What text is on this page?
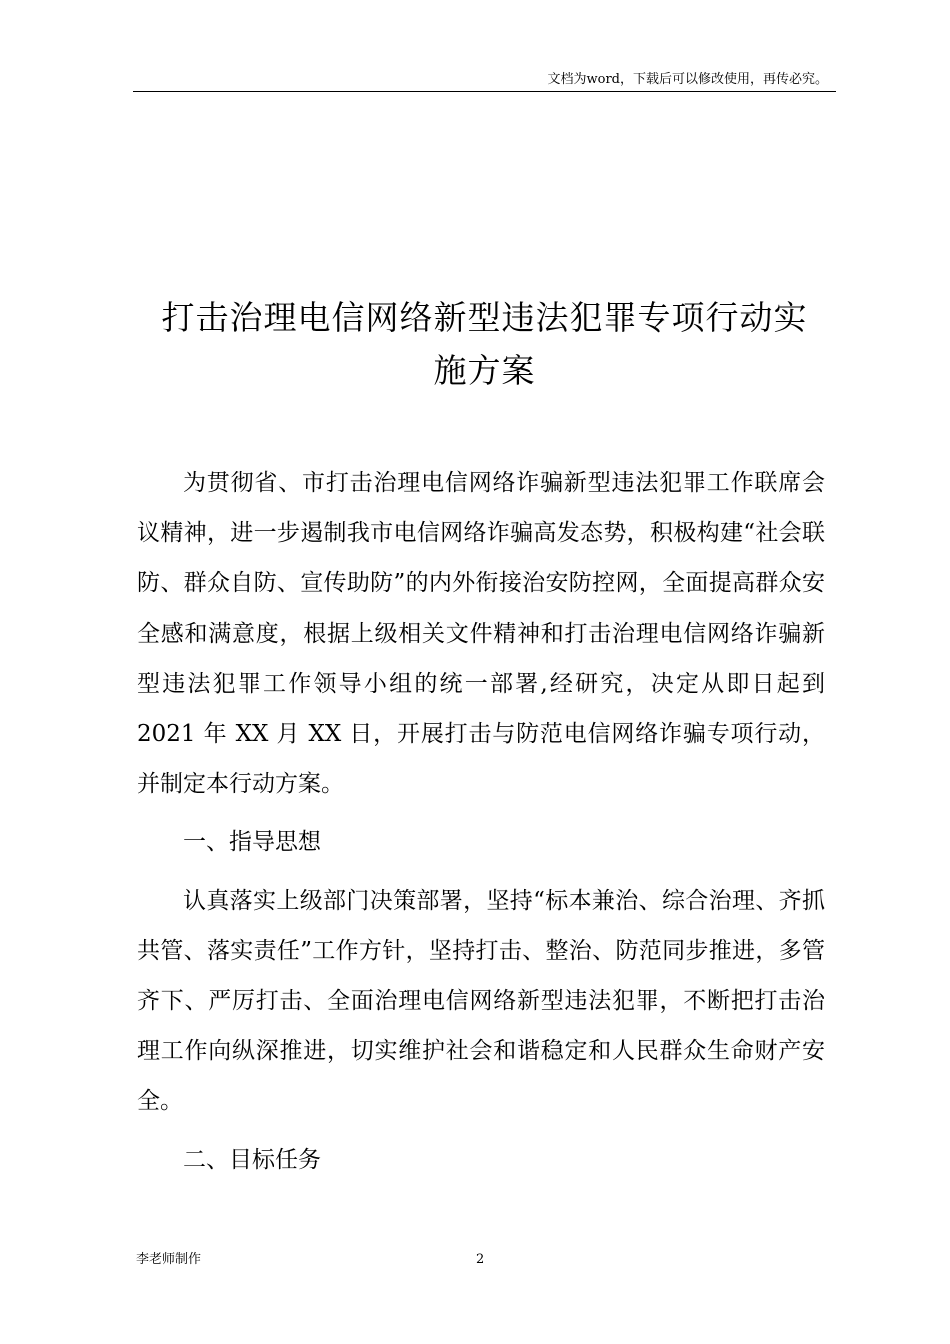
文档为word，下载后可以修改使用，再传必究。
打击治理电信网络新型违法犯罪专项行动实
施方案

为贯彻省、市打击治理电信网络诈骗新型违法犯罪工作联席会议精神，进一步遏制我市电信网络诈骗高发态势，积极构建“社会联防、群众自防、宣传助防”的内外衔接治安防控网，全面提高群众安全感和满意度，根据上级相关文件精神和打击治理电信网络诈骗新型违法犯罪工作领导小组的统一部署,经研究，决定从即日起到 2021 年 XX 月 XX 日，开展打击与防范电信网络诈骗专项行动，并制定本行动方案。

一、指导思想

认真落实上级部门决策部署，坚持“标本兼治、综合治理、齐抓共管、落实责任”工作方针，坚持打击、整治、防范同步推进，多管齐下、严厉打击、全面治理电信网络新型违法犯罪，不断把打击治理工作向纵深推进，切实维护社会和谐稳定和人民群众生命财产安全。

二、目标任务

李老师制作	2
